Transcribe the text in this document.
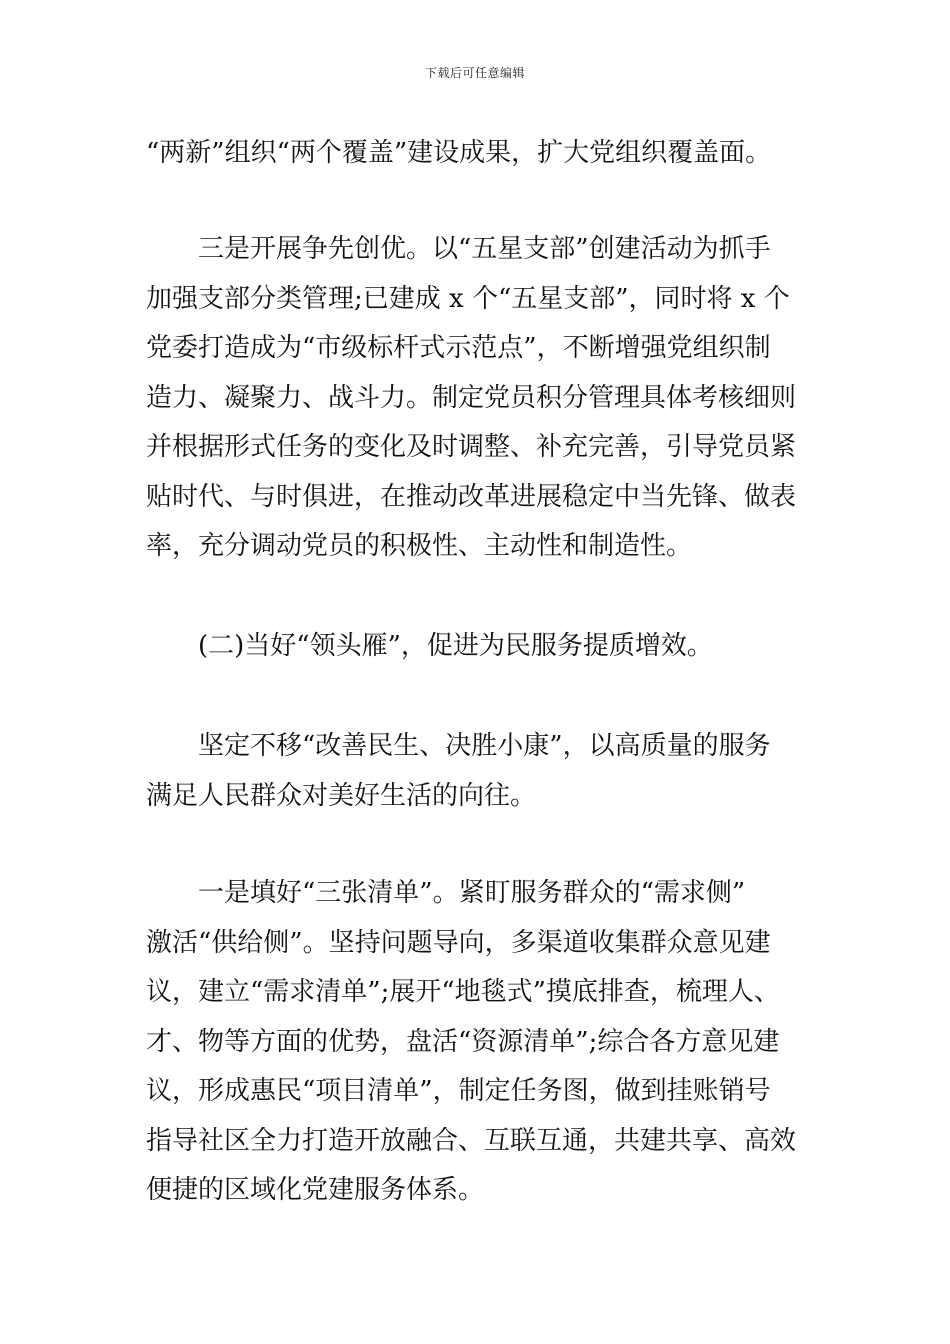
下载后可任意编辑
“两新”组织“两个覆盖”建设成果，扩大党组织覆盖面。
三是开展争先创优。以“五星支部”创建活动为抓手
加强支部分类管理;已建成 x 个“五星支部”，同时将 x 个
党委打造成为“市级标杆式示范点”，不断增强党组织制
造力、凝聚力、战斗力。制定党员积分管理具体考核细则
并根据形式任务的变化及时调整、补充完善，引导党员紧
贴时代、与时俱进，在推动改革进展稳定中当先锋、做表
率，充分调动党员的积极性、主动性和制造性。
(二)当好“领头雁”，促进为民服务提质增效。
坚定不移“改善民生、决胜小康”，以高质量的服务
满足人民群众对美好生活的向往。
一是填好“三张清单”。紧盯服务群众的“需求侧”
激活“供给侧”。坚持问题导向，多渠道收集群众意见建
议，建立“需求清单”;展开“地毯式”摸底排查，梳理人、
才、物等方面的优势，盘活“资源清单”;综合各方意见建
议，形成惠民“项目清单”，制定任务图，做到挂账销号
指导社区全力打造开放融合、互联互通，共建共享、高效
便捷的区域化党建服务体系。
